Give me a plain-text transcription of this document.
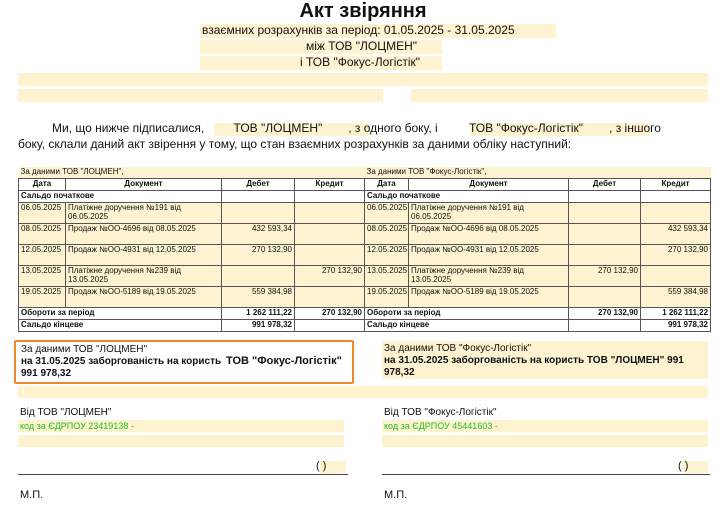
Акт звіряння
взаємних розрахунків за період: 01.05.2025 - 31.05.2025
між ТОВ "ЛОЦМЕН"
і ТОВ "Фокус-Логістік"
Ми, що нижче підписалися, ТОВ "ЛОЦМЕН" , з одного боку, і	ТОВ "Фокус-Логістік" , з іншого
боку, склали даний акт звірення у тому, що стан взаємних розрахунків за даними обліку наступний:
За даними ТОВ "ЛОЦМЕН",			
Дата	Документ	Дебет	Кредит
Сальдо початкове			
06.05.2025	Платіжне доручення №191 від 06.05.2025		
08.05.2025	Продаж №ОО-4696 від 08.05.2025	432 593,34	
12.05.2025	Продаж №ОО-4931 від 12.05.2025	270 132,90	
13.05.2025	Платіжне доручення №239 від 13.05.2025		270 132,90
19.05.2025	Продаж №ОО-5189 від 19.05.2025	559 384,98	
Обороти за період		1 262 111,22	270 132,90
Сальдо кінцеве		991 978,32	
За даними ТОВ "Фокус-Логістік",			
Дата	Документ	Дебет	Кредит
Сальдо початкове			
06.05.2025	Платіжне доручення №191 від 06.05.2025		
08.05.2025	Продаж №ОО-4696 від 08.05.2025		432 593,34
12.05.2025	Продаж №ОО-4931 від 12.05.2025		270 132,90
13.05.2025	Платіжне доручення №239 від 13.05.2025	270 132,90	
19.05.2025	Продаж №ОО-5189 від 19.05.2025		559 384,98
Обороти за період		270 132,90	1 262 111,22
Сальдо кінцеве			991 978,32
За даними ТОВ "ЛОЦМЕН"
на 31.05.2025 заборгованість на користь ТОВ "Фокус-Логістік"
991 978,32
За даними ТОВ "Фокус-Логістік"
на 31.05.2025 заборгованість на користь ТОВ "ЛОЦМЕН" 991
978,32
Від ТОВ "ЛОЦМЕН"
код за ЄДРПОУ 23419138 -
( )
М.П.
Від ТОВ "Фокус-Логістік"
код за ЄДРПОУ 45441603 -
( )
М.П.
